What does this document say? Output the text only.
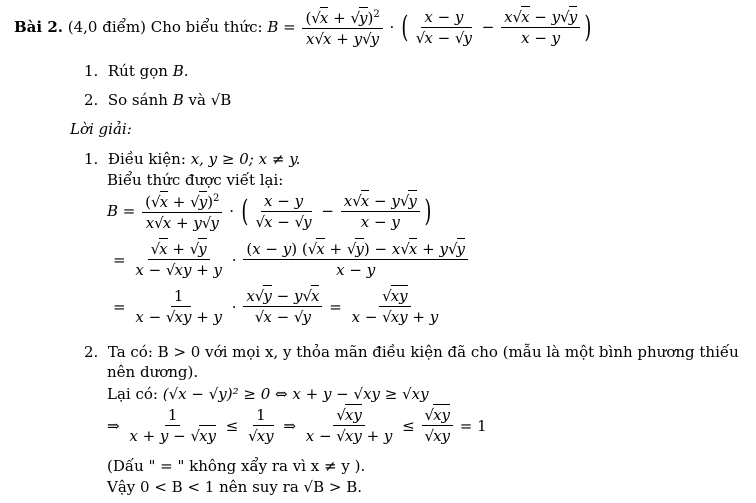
Bài 2.
(4,0 điểm)
Cho biểu thức:
$B = \frac{(√x + √y)^2}{x√x + y√y}$ · ( $\frac{x - y}{√x - √y} - \frac{x√x - y√y}{x - y}$ )
1. Rút gọn B.
2. So sánh B và √B
Lời giải:
1. Điều kiện: x, y ≥ 0; x ≠ y.
Biểu thức được viết lại:
$B = \frac{(√x + √y)^2}{x√x + y√y}$ · ( $\frac{x - y}{√x - √y} - \frac{x√x - y√y}{x - y}$ )
= $\frac{√x + √y}{x - √xy + y} \cdot \frac{(x - y) (√x + √y) - x√x + y√y}{x - y}$
= $\frac{1}{x - √xy + y} \cdot \frac{x√y - y√x}{√x - √y} = \frac{√xy}{x - √xy + y}$
2. Ta có: B > 0 với mọi x, y thỏa mãn điều kiện đã cho (mẫu là một bình phương thiếu
nên dương).
Lại có: (√x − √y)² ≥ 0 ⇔ x + y − √xy ≥ √xy
⇒ $\frac{1}{x + y - √xy} \le \frac{1}{√xy}$ ⇒ $\frac{√xy}{x - √xy + y} \le \frac{√xy}{√xy} = 1$
(Dấu " = " không xẩy ra vì x ≠ y ).
Vậy 0 < B < 1 nên suy ra √B > B.
